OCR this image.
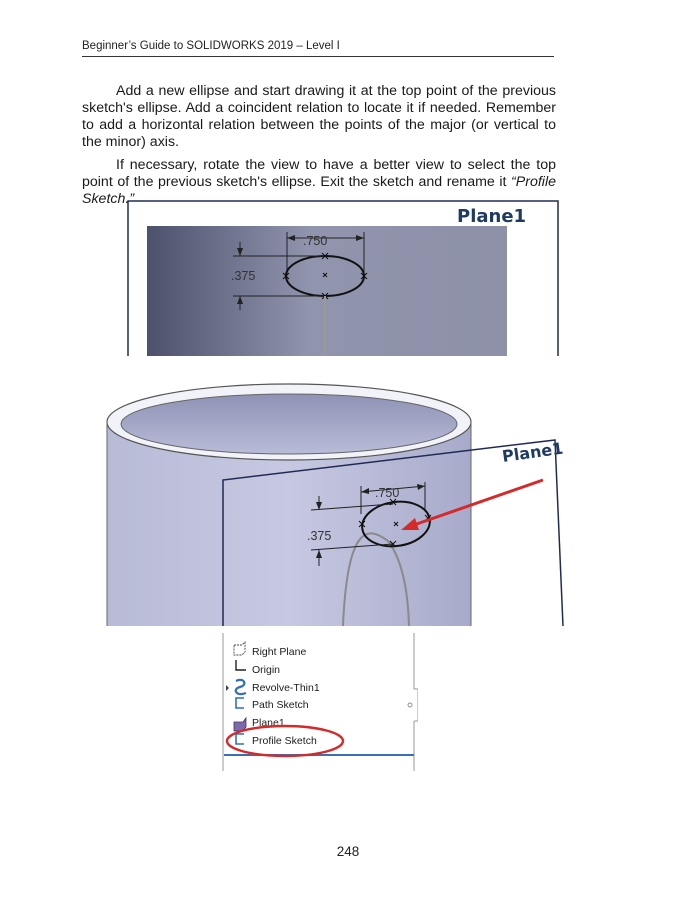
Beginner’s Guide to SOLIDWORKS 2019 – Level I

Add a new ellipse and start drawing it at the top point of the previous sketch's ellipse. Add a coincident relation to locate it if needed. Remember to add a horizontal relation between the points of the major (or vertical to the minor) axis.

If necessary, rotate the view to have a better view to select the top point of the previous sketch's ellipse. Exit the sketch and rename it “Profile Sketch.”

Plane1
.750
.375
Plane1
.750
.375
Right Plane
Origin
Revolve-Thin1
Path Sketch
Plane1
Profile Sketch
248
